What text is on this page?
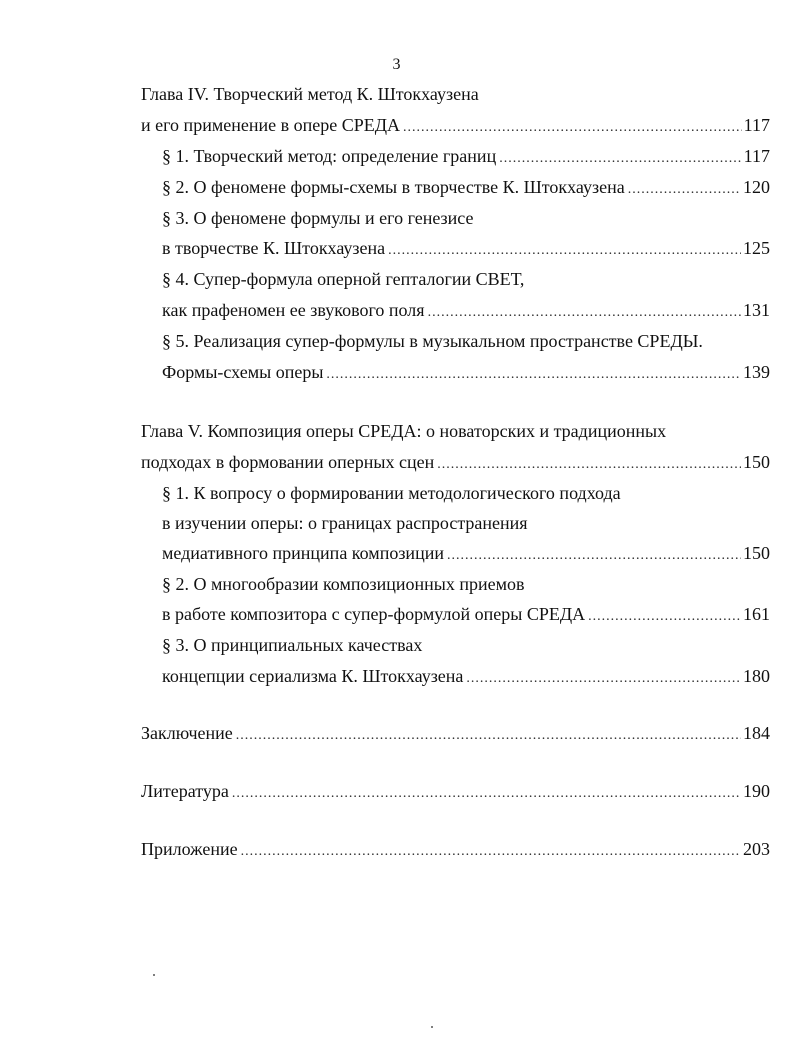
3
Глава IV. Творческий метод К. Штокхаузена
и его применение в опере СРЕДА .....	117
§ 1. Творческий метод: определение границ .....	117
§ 2. О феномене формы-схемы в творчестве К. Штокхаузена .....	120
§ 3. О феномене формулы и его генезисе
в творчестве К. Штокхаузена .....	125
§ 4. Супер-формула оперной гепталогии СВЕТ,
как прафеномен ее звукового поля .....	131
§ 5. Реализация супер-формулы в музыкальном пространстве СРЕДЫ.
Формы-схемы оперы .....	139
Глава V. Композиция оперы СРЕДА: о новаторских и традиционных
подходах в формовании оперных сцен .....	150
§ 1. К вопросу о формировании методологического подхода
в изучении оперы: о границах распространения
медиативного принципа композиции .....	150
§ 2. О многообразии композиционных приемов
в работе композитора с супер-формулой оперы СРЕДА .....	161
§ 3. О принципиальных качествах
концепции сериализма К. Штокхаузена .....	180
Заключение .....	184
Литература .....	190
Приложение .....	203
